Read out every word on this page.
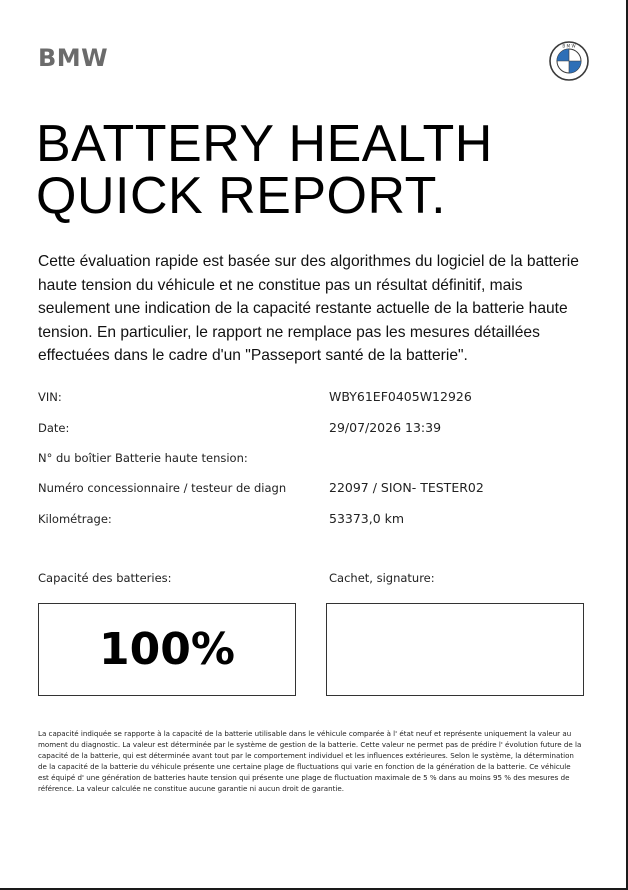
BMW	B M W
BATTERY HEALTH
QUICK REPORT.

Cette évaluation rapide est basée sur des algorithmes du logiciel de la batterie haute tension du véhicule et ne constitue pas un résultat définitif, mais seulement une indication de la capacité restante actuelle de la batterie haute tension. En particulier, le rapport ne remplace pas les mesures détaillées effectuées dans le cadre d'un "Passeport santé de la batterie".

VIN:	WBY61EF0405W12926
Date:	29/07/2026 13:39
N° du boîtier Batterie haute tension:
Numéro concessionnaire / testeur de diagn	22097 / SION- TESTER02
Kilométrage:	53373,0 km
Capacité des batteries:	Cachet, signature:
100%

La capacité indiquée se rapporte à la capacité de la batterie utilisable dans le véhicule comparée à l' état neuf et représente uniquement la valeur au moment du diagnostic. La valeur est déterminée par le système de gestion de la batterie. Cette valeur ne permet pas de prédire l' évolution future de la capacité de la batterie, qui est déterminée avant tout par le comportement individuel et les influences extérieures. Selon le système, la détermination de la capacité de la batterie du véhicule présente une certaine plage de fluctuations qui varie en fonction de la génération de la batterie. Ce véhicule est équipé d' une génération de batteries haute tension qui présente une plage de fluctuation maximale de 5 % dans au moins 95 % des mesures de référence. La valeur calculée ne constitue aucune garantie ni aucun droit de garantie.
